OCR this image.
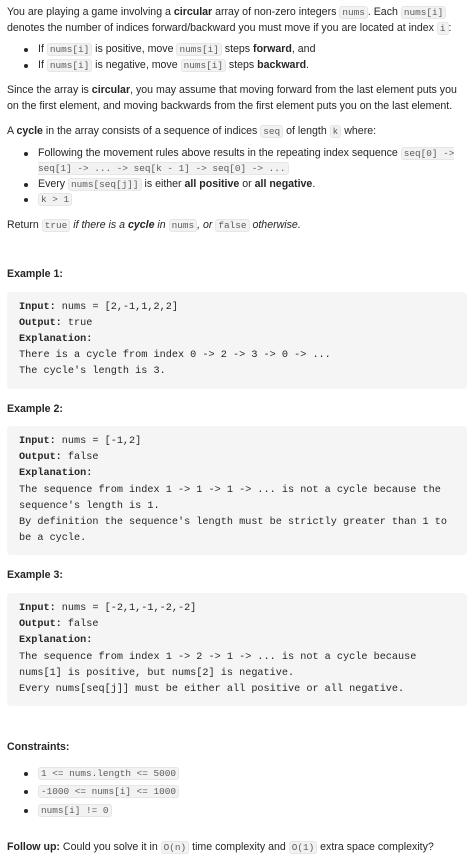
You are playing a game involving a circular array of non-zero integers nums . Each nums[i] denotes the number of indices forward/backward you must move if you are located at index i :

If nums[i] is positive, move nums[i] steps forward, and
If nums[i] is negative, move nums[i] steps backward.

Since the array is circular, you may assume that moving forward from the last element puts you on the first element, and moving backwards from the first element puts you on the last element.

A cycle in the array consists of a sequence of indices seq of length k where:

Following the movement rules above results in the repeating index sequence seq[0] -> seq[1] -> ... -> seq[k - 1] -> seq[0] -> ...
Every nums[seq[j]] is either all positive or all negative.
k > 1

Return true if there is a cycle in nums , or false otherwise.

Example 1:

Input: nums = [2,-1,1,2,2]
Output: true
Explanation:
There is a cycle from index 0 -> 2 -> 3 -> 0 -> ...
The cycle's length is 3.

Example 2:

Input: nums = [-1,2]
Output: false
Explanation:
The sequence from index 1 -> 1 -> 1 -> ... is not a cycle because the sequence's length is 1.
By definition the sequence's length must be strictly greater than 1 to be a cycle.

Example 3:

Input: nums = [-2,1,-1,-2,-2]
Output: false
Explanation:
The sequence from index 1 -> 2 -> 1 -> ... is not a cycle because nums[1] is positive, but nums[2] is negative.
Every nums[seq[j]] must be either all positive or all negative.

Constraints:

1 <= nums.length <= 5000
-1000 <= nums[i] <= 1000
nums[i] != 0

Follow up: Could you solve it in O(n) time complexity and O(1) extra space complexity?
